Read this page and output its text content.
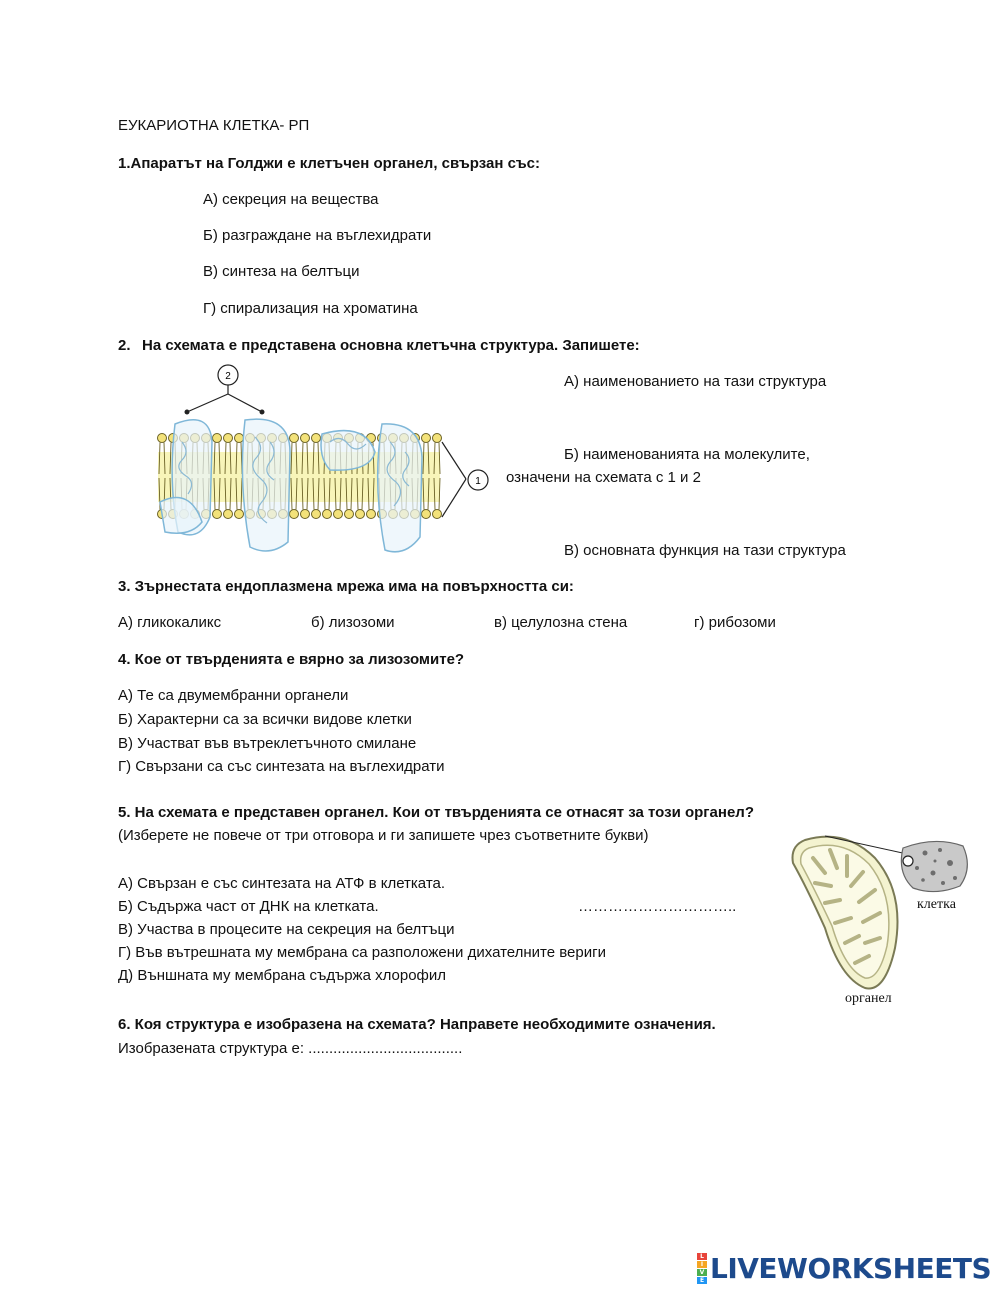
ЕУКАРИОТНА КЛЕТКА- РП
1.Апаратът на Голджи е клетъчен органел, свързан със:
А) секреция на вещества
Б) разграждане на въглехидрати
В) синтеза на белтъци
Г) спирализация на хроматина
2. На схемата е представена основна клетъчна структура. Запишете:
А) наименованието на тази структура
Б) наименованията на молекулите,
означени на схемата с 1 и 2
В) основната функция на тази структура
2
1
3. Зърнестата ендоплазмена мрежа има на повърхността си:
А) гликокаликс	б) лизозоми	в) целулозна стена	г) рибозоми
4. Кое от твърденията е вярно за лизозомите?
А) Те са двумембранни органели
Б) Характерни са за всички видове клетки
В) Участват във вътреклетъчното смилане
Г) Свързани са със синтезата на въглехидрати
5. На схемата е представен органел. Кои от твърденията се отнасят за този органел?
(Изберете не повече от три отговора и ги запишете чрез съответните букви)
А) Свързан е със синтезата на АТФ в клетката.
Б) Съдържа част от ДНК на клетката.	…………………………..
В) Участва в процесите на секреция на белтъци
Г) Във вътрешната му мембрана са разположени дихателните вериги
Д) Външната му мембрана съдържа хлорофил
клетка
органел
6. Коя структура е изобразена на схемата? Направете необходимите означения.
Изобразената структура е: .....................................
L
I
V
E LIVEWORKSHEETS
